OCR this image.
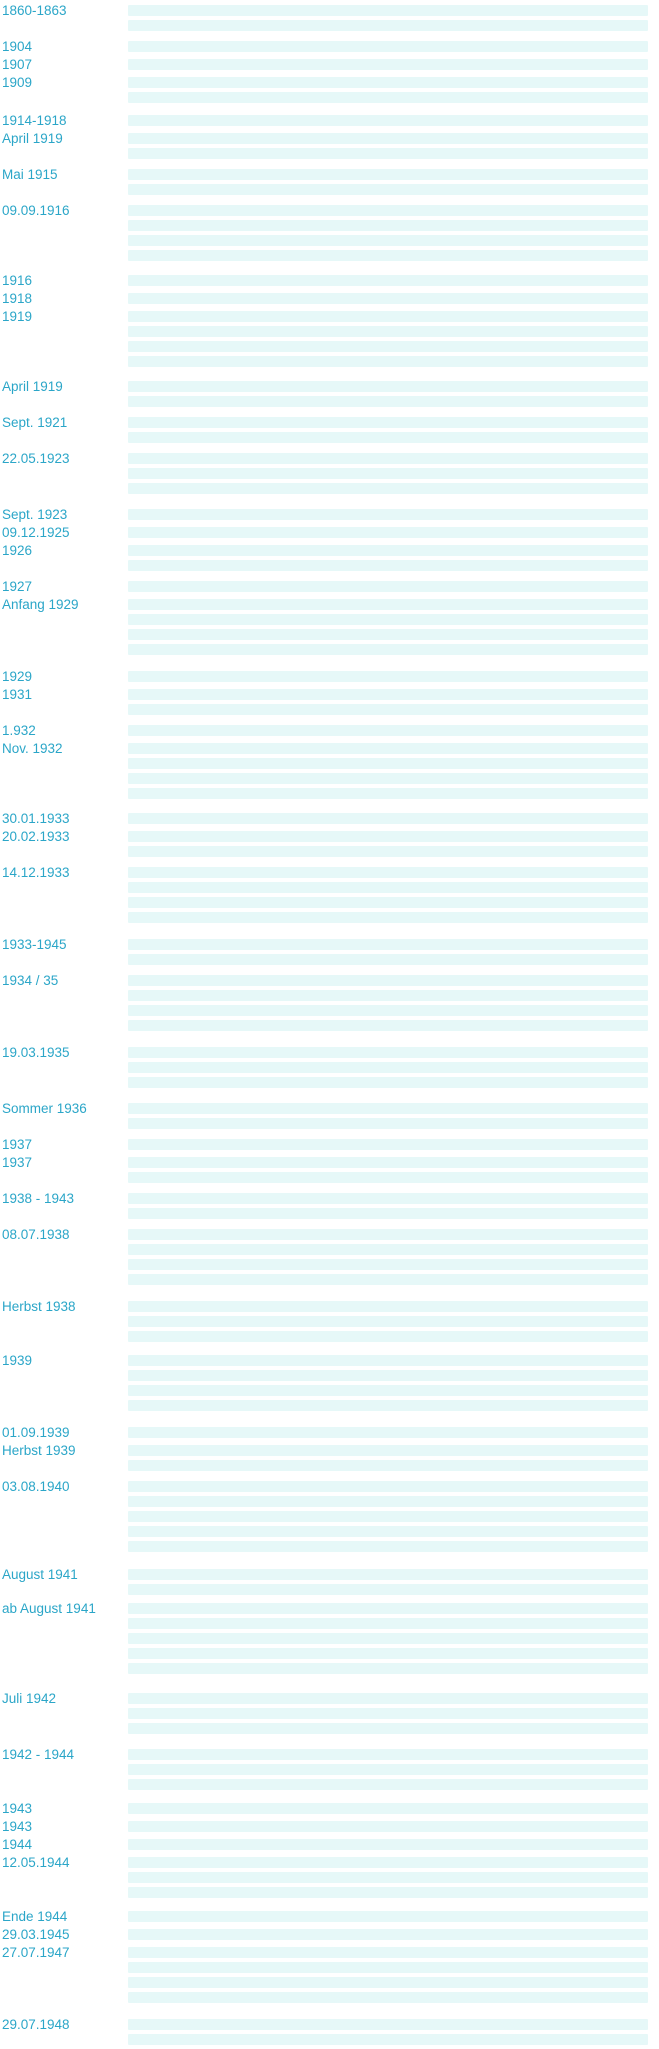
1860-1863
1904
1907
1909
1914-1918
April 1919
Mai 1915
09.09.1916
1916
1918
1919
April 1919
Sept. 1921
22.05.1923
Sept. 1923
09.12.1925
1926
1927
Anfang 1929
1929
1931
1.932
Nov. 1932
30.01.1933
20.02.1933
14.12.1933
1933-1945
1934 / 35
19.03.1935
Sommer 1936
1937
1937
1938 - 1943
08.07.1938
Herbst 1938
1939
01.09.1939
Herbst 1939
03.08.1940
August 1941
ab August 1941
Juli 1942
1942 - 1944
1943
1943
1944
12.05.1944
Ende 1944
29.03.1945
27.07.1947
29.07.1948
